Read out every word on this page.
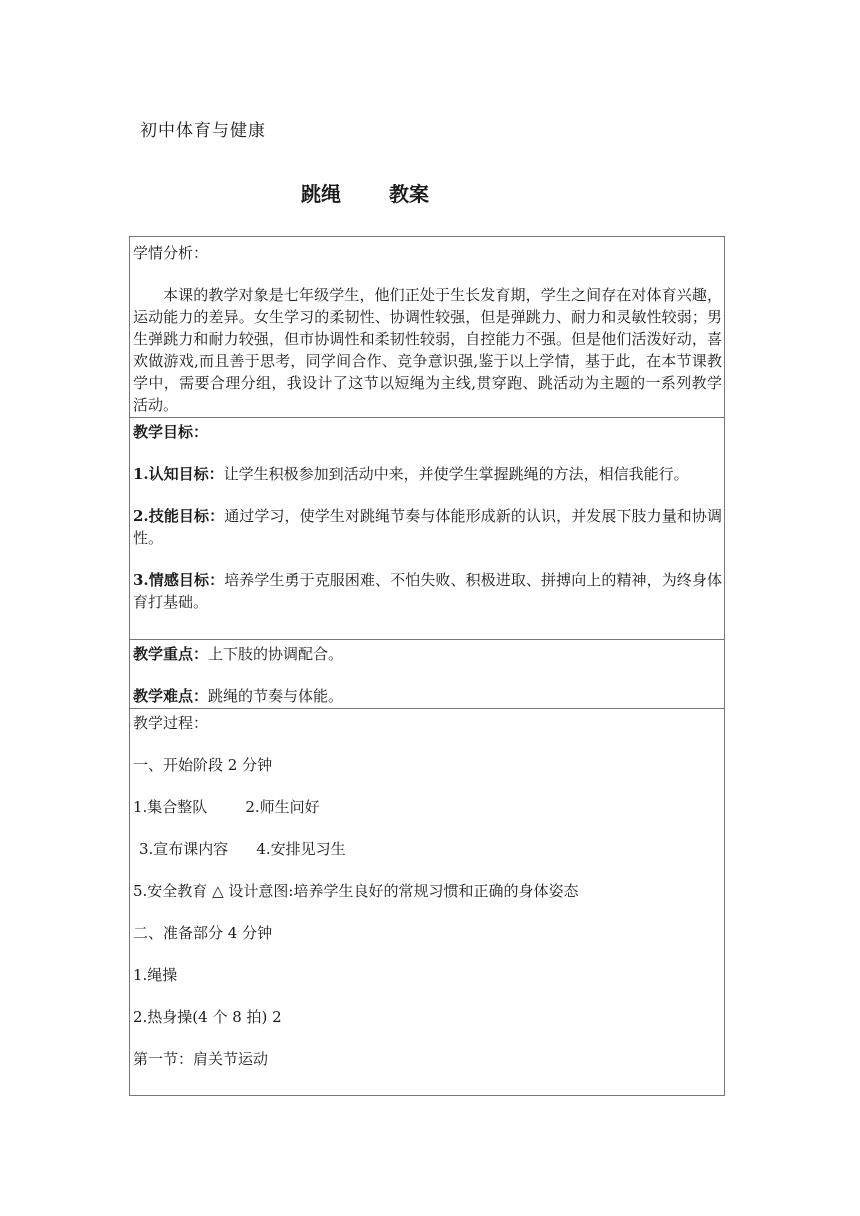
初中体育与健康
跳绳 教案

学情分析：

本课的教学对象是七年级学生，他们正处于生长发育期，学生之间存在对体育兴趣，运动能力的差异。女生学习的柔韧性、协调性较强，但是弹跳力、耐力和灵敏性较弱；男生弹跳力和耐力较强，但市协调性和柔韧性较弱，自控能力不强。但是他们活泼好动，喜欢做游戏,而且善于思考，同学间合作、竞争意识强,鉴于以上学情，基于此，在本节课教学中，需要合理分组，我设计了这节以短绳为主线,贯穿跑、跳活动为主题的一系列教学活动。

教学目标：

1.认知目标：让学生积极参加到活动中来，并使学生掌握跳绳的方法，相信我能行。

2.技能目标：通过学习，使学生对跳绳节奏与体能形成新的认识，并发展下肢力量和协调性。

3.情感目标：培养学生勇于克服困难、不怕失败、积极进取、拼搏向上的精神，为终身体育打基础。

教学重点：上下肢的协调配合。

教学难点：跳绳的节奏与体能。

教学过程：

一、开始阶段 2 分钟

1.集合整队	2.师生问好

3.宣布课内容 4.安排见习生

5.安全教育 △ 设计意图:培养学生良好的常规习惯和正确的身体姿态

二、准备部分 4 分钟

1.绳操

2.热身操(4 个 8 拍) 2

第一节：肩关节运动
